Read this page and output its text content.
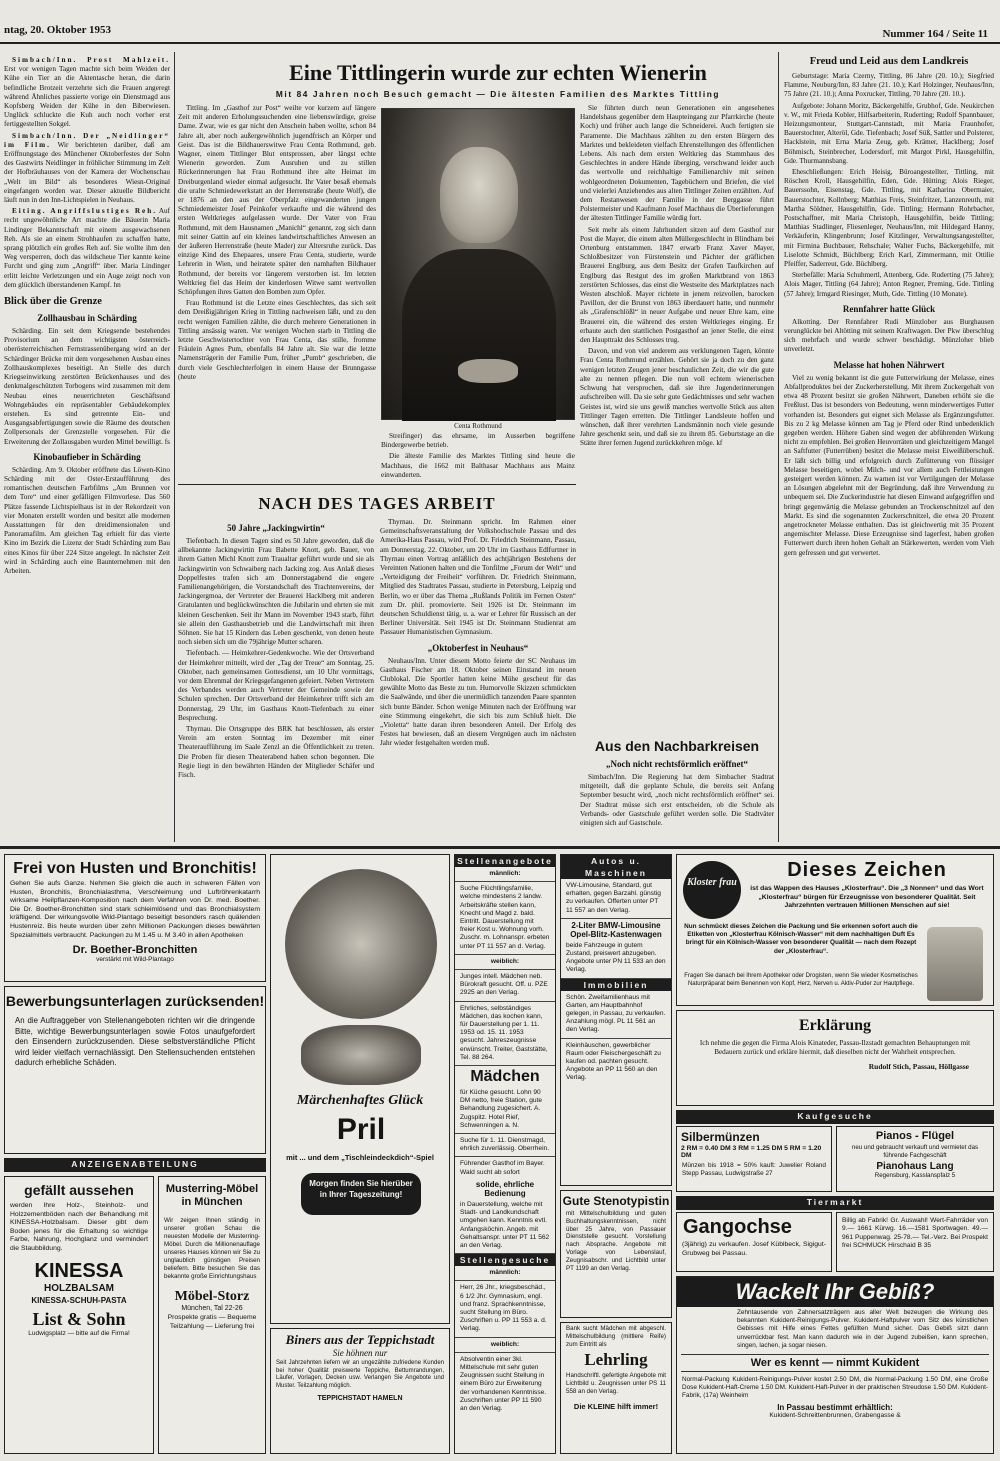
ntag, 20. Oktober 1953	Nummer 164 / Seite 11

Simbach/Inn. Prost Mahlzeit. Erst vor wenigen Tagen machte sich beim Weiden der Kühe ein Tier an die Aktentasche heran, die darin befindliche Brotzeit verzehrte sich die Frauen angeregt während Ähnliches passierte vorige ein Dienstmagd aus Kopfsberg Weiden der Kühe in den Biberwiesen. Unglück schluckte die Kuh auch noch vorher erst fertiggestellten Sokgel.

Simbach/Inn. Der „Neidlinger“ im Film. Wir berichteten darüber, daß am Eröffnungstage des Münchener Oktoberfestes der Sohn des Gastwirts Neidlinger in fröhlicher Stimmung im Zelt der Hofbräuhauses von der Kamera der Wochenschau „Welt im Bild“ als besonderes Wiesn-Original eingefangen worden war. Dieser aktuelle Bildbericht läuft nun in den Inn-Lichtspielen in Neuhaus.

Eiting. Angriffslustiges Reh. Auf recht ungewöhnliche Art machte die Bäuerin Maria Lindinger Bekanntschaft mit einem ausgewachsenen Reh. Als sie an einem Strohhaufen zu schaffen hatte, sprang plötzlich ein großes Reh auf. Sie wollte ihm den Weg versperren, doch das wildscheue Tier kannte keine Furcht und ging zum „Angriff“ über. Maria Lindinger erlitt leichte Verletzungen und ein Auge zeigt noch von dem glücklich überstandenen Kampf. hn

Blick über die Grenze
Zollhausbau in Schärding

Schärding. Ein seit dem Kriegsende bestehendes Provisorium an dem wichtigsten österreich-oberösterreichischen Fernstrassenübergang wird an der Schärdinger Brücke mit dem vorgesehenen Ausbau eines Zollhauskomplexes beseitigt. An Stelle des durch Kriegseinwirkung zerstörten Brückenhauses und des denkmalgeschützten Torbogens wird zusammen mit dem Neubau eines neuerrichteten Geschäftsund Wohngebäudes ein repräsentabler Gebäudekomplex erstehen. Es sind getrennte Ein- und Ausgangsabfertigungen sowie die Räume des deutschen Zollpersonals der Grenzstelle vorgesehen. Für die Erweiterung der Zollausgaben wurden Mittel bewilligt. fs

Kinobaufieber in Schärding

Schärding. Am 9. Oktober eröffnete das Löwen-Kino Schärding mit der Oster-Erstaufführung des romantischen deutschen Farbfilms „Am Brunnen vor dem Tore“ und einer gefälligen Filmvorlese. Das 560 Plätze fassende Lichtspielhaus ist in der Rekordzeit von vier Monaten erstellt worden und besitzt alle modernen Ausstattungen für den dreidimensionalen und Panoramafilm. Am gleichen Tag erhielt für das vierte Kino im Bezirk die Lizenz der Stadt Schärding zum Bau eines Kinos für über 224 Sitze angelegt. In nächster Zeit wird in Schärding auch eine Baunternehmen mit den Arbeiten.

Eine Tittlingerin wurde zur echten Wienerin
Mit 84 Jahren noch Besuch gemacht — Die ältesten Familien des Marktes Tittling

Tittling. Im „Gasthof zur Post“ weilte vor kurzem auf längere Zeit mit anderen Erholungssuchenden eine liebenswürdige, greise Dame. Zwar, wie es gar nicht den Anschein haben wollte, schon 84 Jahre alt, aber noch außergewöhnlich jugendfrisch an Körper und Geist. Das ist die Bildhauerswitwe Frau Centa Rothmund, geb. Wagner, einem Tittlinger Blut entsprossen, aber längst echte Wienerin geworden. Zum Ausruhen und zu stillen Rückerinnerungen hat Frau Rothmund ihre alte Heimat im Dreiburgenland wieder einmal aufgesucht. Ihr Vater besaß ehemals die uralte Schmiedewerkstatt an der Herrenstraße (heute Wolf), die er 1876 an den aus der Oberpfalz eingewanderten jungen Schmiedemeister Josef Peinkofer verkaufte und die während des ersten Weltkrieges aufgelassen wurde. Der Vater von Frau Rothmund, mit dem Hausnamen „Manichl“ genannt, zog sich dann mit seiner Gattin auf ein kleines landwirtschaftliches Anwesen an der äußeren Herrenstraße (heute Mader) zur Altersruhe zurück. Das einzige Kind des Ehepaares, unsere Frau Centa, studierte, wurde Lehrerin in Wien, und heiratete später den namhaften Bildhauer Rothmund, der bereits vor längerem verstorben ist. Im letzten Weltkrieg fiel das Heim der kinderlosen Witwe samt wertvollen Schöpfungen ihres Gatten den Bomben zum Opfer.

Frau Rothmund ist die Letzte eines Geschlechtes, das sich seit dem Dreißigjährigen Krieg in Tittling nachweisen läßt, und zu den recht wenigen Familien zählte, die durch mehrere Generationen in Tittling ansässig waren. Vor wenigen Wochen starb in Tittling die letzte Geschwistertochter von Frau Centa, das stille, fromme Fräulein Agnes Pum, ebenfalls 84 Jahre alt. Sie war die letzte Namensträgerin der Familie Pum, früher „Pumb“ geschrieben, die durch viele Geschlechterfolgen in einem Hause der Brunngasse (heute

Centa Rothmund

Streifinger) das ehrsame, im Ausserben begriffene Bindergewerbe betrieb.

Die älteste Familie des Marktes Tittling sind heute die Machhaus, die 1662 mit Balthasar Machhaus aus Mainz einwanderten.

Sie führten durch neun Generationen ein angesehenes Handelshaus gegenüber dem Haupteingang zur Pfarrkirche (heute Koch) und früher auch lange die Schneiderei. Auch fertigten sie Paramente. Die Machhaus zählten zu den ersten Bürgern des Marktes und bekleideten vielfach Ehrenstellungen des öffentlichen Lebens. Als nach dem ersten Weltkrieg das Stammhaus des Geschlechtes in andere Hände überging, verschwand leider auch das wertvolle und reichhaltige Familienarchiv mit seinen wohlgeordneten Dokumenten, Tagebüchern und Briefen, die viel und vielerlei Anziehendes aus alten Tittlinger Zeiten erzählten. Auf dem Restanwesen der Familie in der Berggasse führt Polstermeister und Kaufmann Josef Machhaus die Überlieferungen der ältesten Tittlinger Familie würdig fort.

Seit mehr als einem Jahrhundert sitzen auf dem Gasthof zur Post die Mayer, die einem alten Müllergeschlecht in Blindham bei Ortenburg entstammen. 1847 erwarb Franz Xaver Mayer, Schloßbesitzer von Fürstenstein und Pächter der gräflichen Brauerei Englburg, aus dem Besitz der Grafen Taufkirchen auf Englburg das Restgut des im großen Marktbrand von 1863 zerstörten Schlosses, das einst die Westseite des Marktplatzes nach Westen abschloß. Mayer richtete in jenem reizvollen, barocken Pavillon, der die Brunst von 1863 überdauert hatte, und nunmehr als „Grafenschlößl“ in neuer Aufgabe und neuer Ehre kam, eine Brauerei ein, die während des ersten Weltkrieges einging. Er erbaute auch den stattlichen Postgasthof an jener Stelle, die einst den Haupttrakt des Schlosses trug.

Davon, und von viel anderem aus verklungenen Tagen, könnte Frau Centa Rothmund erzählen. Gehört sie ja doch zu den ganz wenigen letzten Zeugen jener beschaulichen Zeit, die wir die gute alte zu nennen pflegen. Die nun voll echtem wienerischen Schwung hat versprochen, daß sie ihre Jugenderinnerungen aufschreiben will. Da sie sehr gute Gedächtnisses und sehr wachen Geistes ist, wird sie uns gewiß manches wertvolle Stück aus alten Tittlinger Tagen erretten. Die Tittlinger Landsleute hoffen und wünschen, daß ihrer verehrten Landsmännin noch viele gesunde Jahre geschenkt sein, und daß sie zu ihrem 85. Geburtstage an die Stätte ihrer fernen Jugend zurückkehren möge. kf

NACH DES TAGES ARBEIT
50 Jahre „Jackingwirtin“

Tiefenbach. In diesen Tagen sind es 50 Jahre geworden, daß die allbekannte Jackingwirtin Frau Babette Knott, geb. Bauer, von ihrem Gatten Michl Knott zum Traualtar geführt wurde und sie als Jackingwirtin von Schwaiberg nach Jacking zog. Aus Anlaß dieses Doppelfestes trafen sich am Donnerstagabend die engere Familienangehörigen, die Vorstandschaft des Trachtenvereins, der Jackingergmoa, der Vertreter der Brauerei Hacklberg mit anderen Gratulanten und beglückwünschten die Jubilarin und ehrten sie mit kleinen Geschenken. Seit ihr Mann im November 1943 starb, führt sie allein den Gasthausbetrieb und die Landwirtschaft mit ihren Söhnen. Sie hat 15 Kindern das Leben geschenkt, von denen heute noch sieben sich um die 79jährige Mutter scharen.

Tiefenbach. — Heimkehrer-Gedenkwoche. Wie der Ortsverband der Heimkehrer mitteilt, wird der „Tag der Treue“ am Sonntag, 25. Oktober, nach gemeinsamen Gottesdienst, um 10 Uhr vormittags, vor dem Ehrenmal der Kriegsgefangenen gefeiert. Neben Vertretern des Verbandes werden auch Vertreter der Gemeinde sowie der Schulen sprechen. Der Ortsverband der Heimkehrer trifft sich am Donnerstag, 29 Uhr, im Gasthaus Knott-Tiefenbach zu einer Besprechung.

Thyrnau. Die Ortsgruppe des BRK hat beschlossen, als erster Verein am ersten Sonntag im Dezember mit einer Theateraufführung im Saale Zenzl an die Öffentlichkeit zu treten. Die Proben für diesen Theaterabend haben schon begonnen. Die Regie liegt in den bewährten Händen der Mitglieder Schäfer und Fisch.

Thyrnau. Dr. Steinmann spricht. Im Rahmen einer Gemeinschaftsveranstaltung der Volkshochschule Passau und des Amerika-Haus Passau, wird Prof. Dr. Friedrich Steinmann, Passau, am Donnerstag, 22. Oktober, um 20 Uhr im Gasthaus Edlfurtner in Thyrnau einen Vortrag anläßlich des achtjährigen Bestehens der Vereinten Nationen halten und die Tonfilme „Forum der Welt“ und „Verteidigung der Freiheit“ vorführen. Dr. Friedrich Steinmann, Mitglied des Stadtrates Passau, studierte in Petersburg, Leipzig und Berlin, wo er über das Thema „Rußlands Politik im Fernen Osten“ zum Dr. phil. promovierte. Seit 1926 ist Dr. Steinmann im deutschen Schuldienst tätig, u. a. war er Lehrer für Russisch an der Berliner Universität. Seit 1945 ist Dr. Steinmann Studienrat am Passauer Humanistischen Gymnasium.

„Oktoberfest in Neuhaus“

Neuhaus/Inn. Unter diesem Motto feierte der SC Neuhaus im Gasthaus Fischer am 18. Oktober seinen Einstand im neuen Clublokal. Die Sportler hatten keine Mühe gescheut für das gewählte Motto das Beste zu tun. Humorvolle Skizzen schmückten die Saalwände, und über die unermüdlich tanzenden Paare spannten sich bunte Bänder. Schon wenige Minuten nach der Eröffnung war eine Stimmung eingekehrt, die sich bis zum Schluß hielt. Die „Violetta“ hatte daran ihren besonderen Anteil. Der Erfolg des Festes hat bewiesen, daß an diesem Vergnügen auch im nächsten Jahr wieder festgehalten werden muß.	Aus den Nachbarkreisen
„Noch nicht rechtsförmlich eröffnet“

Simbach/Inn. Die Regierung hat dem Simbacher Stadtrat mitgeteilt, daß die geplante Schule, die bereits seit Anfang September besucht wird, „noch nicht rechtsförmlich eröffnet“ sei. Der Stadtrat müsse sich erst entscheiden, ob die Schule als Verbands- oder Gastschule geführt werden solle. Die Stadtväter einigten sich auf Gastschule.

Freud und Leid aus dem Landkreis

Geburtstage: Maria Czerny, Tittling, 86 Jahre (20. 10.); Siegfried Flamme, Neuburg/Inn, 83 Jahre (21. 10.); Karl Holzinger, Neuhaus/Inn, 75 Jahre (21. 10.); Anna Poxrucker, Tittling, 70 Jahre (20. 10.).

Aufgebote: Johann Moritz, Bäckergehilfe, Grubhof, Gde. Neukirchen v. W., mit Frieda Kobler, Hilfsarbeiterin, Ruderting; Rudolf Spannbauer, Heizungsmonteur, Stuttgart-Cannstadt, mit Maria Fraunhofer, Bauerstochter, Alteröl, Gde. Tiefenbach; Josef Süß, Sattler und Polsterer, Hacklstein, mit Erna Maria Zeug, geb. Krämer, Hacklberg; Josef Böhmisch, Steinbrecher, Lodersdorf, mit Margot Pirkl, Hausgehilfin, Gde. Thurmannsbang.

Eheschließungen: Erich Heisig, Büroangestellter, Tittling, mit Röschen Kroll, Hausgehilfin, Eden, Gde. Hütting; Alois Rieger, Bauerssohn, Eisenstag, Gde. Tittling, mit Katharina Obermaier, Bauerstochter, Kollnberg; Matthias Freis, Steinfritzer, Lanzenreuth, mit Martha Söldner, Hausgehilfin, Gde. Tittling; Hermann Rohrbacher, Postschaffner, mit Maria Christoph, Hausgehilfin, beide Tittling; Matthias Stadlinger, Fliesenleger, Neuhaus/Inn, mit Hildegard Hanny, Verkäuferin, Klingenbrunn; Josef Kitzlinger, Verwaltungsangestellter, mit Firmina Buchbauer, Rehschale; Walter Fuchs, Bäckergehilfe, mit Liselotte Schmidt, Büchlberg; Erich Karl, Zimmermann, mit Ottilie Pfeiffer, Saderreut, Gde. Büchlberg.

Sterbefälle: Maria Schuhmertl, Attenberg, Gde. Ruderting (75 Jahre); Alois Mager, Tittling (64 Jahre); Anton Regner, Preming, Gde. Tittling (57 Jahre); Irmgard Riesinger, Muth, Gde. Tittling (10 Monate).

Rennfahrer hatte Glück

Alkotting. Der Rennfahrer Rudi Münzlober aus Burghausen verunglückte bei Altötting mit seinem Kraftwagen. Der Pkw überschlug sich mehrfach und wurde schwer beschädigt. Münzloher blieb unverletzt.

Melasse hat hohen Nährwert

Viel zu wenig bekannt ist die gute Futterwirkung der Melasse, eines Abfallproduktes bei der Zuckerherstellung. Mit ihrem Zuckergehalt von etwa 48 Prozent besitzt sie großen Nährwert, Daneben erhöht sie die Freßlust. Das ist besonders von Bedeutung, wenn minderwertiges Futter vorhanden ist. Besonders gut eignet sich Melasse als Ergänzungsfutter. Bis zu 2 kg Melasse können am Tag je Pferd oder Rind unbedenklich gegeben werden. Höhere Gaben sind wegen der abführenden Wirkung nicht zu empfehlen. Bei großen Heuvorräten und gleichzeitigem Mangel an Saftfutter (Futterrüben) besitzt die Melasse meist Eiweißüberschuß. Er läßt sich billig und erfolgreich durch Zufütterung von flüssiger Melasse beseitigen, wobei Milch- und vor allem auch Fettleistungen gesteigert werden können. Zu warnen ist vor Vertilgungen der Melasse an Lösungen abgelehnt mit der Begründung, daß ihre Verwendung zu unbequem sei. Die Zuckerindustrie hat diesen Einwand aufgegriffen und bringt gegenwärtig die Melasse gebunden an Trockenschnitzel auf den Markt. Es sind die sogenannten Zuckerschnitzel, die etwa 20 Prozent angetrockneter Melasse enthalten. Das ist gleichwertig mit 35 Prozent angemischter Melasse. Diese Erzeugnisse sind lagerfest, haben großen Futterwert durch ihren hohen Gehalt an Stärkewerten, werden vom Vieh gern gefressen und gut verwertet.

Frei von Husten und Bronchitis!
Gehen Sie aufs Ganze. Nehmen Sie gleich die auch in schweren Fällen von Husten, Bronchitis, Bronchialasthma, Verschleimung und Luftröhrenkatarrh wirksame Heilpflanzen-Komposition nach dem Verfahren von Dr. med. Boether. Die Dr. Boether-Bronchitten sind stark schleimlösend und das Bronchialsystem kräftigend. Der wirkungsvolle Wild-Plantago beseitigt besonders rasch quälenden Hustenreiz. Bis heute wurden über zehn Millionen Packungen dieses bewährten Spezialmittels verbraucht. Packungen zu M 1.45 u. M 3.40 in allen Apotheken
Dr. Boether-Bronchitten
verstärkt mit Wild-Plantago
Bewerbungsunterlagen zurücksenden!
An die Auftraggeber von Stellenangeboten richten wir die dringende Bitte, wichtige Bewerbungsunterlagen sowie Fotos unaufgefordert den Einsendern zurückzusenden. Diese selbstverständliche Pflicht wird leider vielfach vernachlässigt. Den Stellensuchenden entstehen dadurch erhebliche Schäden.
ANZEIGENABTEILUNG
gefällt aussehen
werden Ihre Holz-, Steinholz- und Holzzementböden nach der Behandlung mit KINESSA-Holzbalsam. Dieser gibt dem Boden jenes für die Erhaltung so wichtige Farbe, Nahrung, Hochglanz und vermindert die Staubbildung.
KINESSA
HOLZBALSAM
KINESSA-SCHUH-PASTA
List & Sohn
Ludwigsplatz — bitte auf die Firma!
Musterring-Möbel in München
Wir zeigen Ihnen ständig in unserer großen Schau die neuesten Modelle der Musterring-Möbel. Durch die Millionenauflage unseres Hauses können wir Sie zu unglaublich günstigen Preisen beliefern. Bitte besuchen Sie das bekannte große Einrichtungshaus
Möbel-Storz
München, Tal 22-26
Prospekte gratis — Bequeme Teilzahlung — Lieferung frei
Märchenhaftes Glück
Pril
mit ... und dem „Tischleindeckdich“-Spiel
Morgen finden Sie hierüber in Ihrer Tageszeitung!
Biners aus der Teppichstadt
Sie höhnen nur
Seit Jahrzehnten liefern wir an ungezählte zufriedene Kunden bei hoher Qualität preiswerte Teppiche, Bettumrandungen, Läufer, Vorlagen, Decken usw. Verlangen Sie Angebote und Muster. Teilzahlung möglich.
TEPPICHSTADT HAMELN
Stellenangebote
männlich:
Suche Flüchtlingsfamilie, welche mindestens 2 landw. Arbeitskräfte stellen kann, Knecht und Magd z. bald. Eintritt. Dauerstellung mit freier Kost u. Wohnung vorh. Zuschr. m. Lohnanspr. erbeten unter PT 11 557 an d. Verlag.
weiblich:
Junges intell. Mädchen neb. Bürokraft gesucht. Off. u. PZE 2925 an den Verlag.
Ehrliches, selbständiges Mädchen, das kochen kann, für Dauerstellung per 1. 11. 1953 od. 15. 11. 1953 gesucht. Jahreszeugnisse erwünscht. Treiter, Gaststätte, Tel. 88 264.
Mädchen
für Küche gesucht. Lohn 90 DM netto, freie Station, gute Behandlung zugesichert. A. Zugspitz. Hotel Rief, Schwenningen a. N.
Suche für 1. 11. Dienstmagd, ehrlich zuverlässig. Oberrhein.
Führender Gasthof im Bayer. Wald sucht ab sofort
solide, ehrliche Bedienung
in Dauerstellung, welche mit Stadt- und Landkundschaft umgehen kann. Kenntnis evtl. Anfangsköchin. Angeb. mit Gehaltsanspr. unter PT 11 562 an den Verlag.
Stellengesuche
männlich:
Herr, 26 Jhr., kriegsbeschäd., 6 1/2 Jhr. Gymnasium, engl. und franz. Sprachkenntnisse, sucht Stellung im Büro. Zuschriften u. PP 11 553 a. d. Verlag.
weiblich:
Absolventin einer 3kl. Mittelschule mit sehr guten Zeugnissen sucht Stellung in einem Büro zur Erweiterung der vorhandenen Kenntnisse. Zuschriften unter PP 11 590 an den Verlag.
Gute Stenotypistin
mit Mittelschulbildung und guten Buchhaltungskenntnissen, nicht über 25 Jahre, von Passauer Dienststelle gesucht. Vorstellung nach Absprache. Angebote mit Vorlage von Lebenslauf, Zeugnisabschr. und Lichtbild unter PT 1199 an den Verlag.
Bank sucht Mädchen mit abgeschl. Mittelschulbildung (mittlere Reife) zum Eintritt als
Lehrling
Handschriftl. gefertigte Angebote mit Lichtbild u. Zeugnissen unter PS 11 558 an den Verlag.
Die KLEINE hilft immer!
Autos u. Maschinen
VW-Limousine, Standard, gut erhalten, gegen Barzahl. günstig zu verkaufen. Offerten unter PT 11 557 an den Verlag.
2-Liter BMW-Limousine
Opel-Blitz-Kastenwagen
beide Fahrzeuge in gutem Zustand, preiswert abzugeben. Angebote unter PN 11 533 an den Verlag.
Immobilien
Schön. Zweifamilienhaus mit Garten, am Hauptbahnhof gelegen, in Passau, zu verkaufen. Anzahlung mögl. PL 11 561 an den Verlag.
Kleinhäuschen, gewerblicher Raum oder Fleischergeschäft zu kaufen od. pachten gesucht. Angebote an PP 11 560 an den Verlag.
Kloster frau
Dieses Zeichen
ist das Wappen des Hauses „Klosterfrau“. Die „3 Nonnen“ und das Wort „Klosterfrau“ bürgen für Erzeugnisse von besonderer Qualität. Seit Jahrzehnten vertrauen Millionen Menschen auf sie!
Nun schmückt dieses Zeichen die Packung und Sie erkennen sofort auch die Etiketten von „Klosterfrau Kölnisch-Wasser“ mit dem nachhaltigen Duft Es bringt für ein Kölnisch-Wasser von besonderer Qualität — nach dem Rezept der „Klosterfrau“.
Fragen Sie danach bei Ihrem Apotheker oder Drogisten, wenn Sie wieder Kosmetisches Naturpräparat beim Benennen von Kopf, Herz, Nerven u. Aktiv-Puder zur Hautpflege.
Erklärung
Ich nehme die gegen die Firma Alois Kinateder, Passau-Ilzstadt gemachten Behauptungen mit Bedauern zurück und erkläre hiermit, daß dieselben nicht der Wahrheit entsprechen.
Rudolf Stich, Passau, Höllgasse
Kaufgesuche
Silbermünzen
2 RM = 0.40 DM 3 RM = 1.25 DM 5 RM = 1.20 DM
Münzen bis 1918 = 50% kauft: Juwelier Roland Stepp Passau, Ludwigstraße 27
Pianos - Flügel
neu und gebraucht verkauft und vermietet das führende Fachgeschäft
Pianohaus Lang
Regensburg, Kasslanspfalz 5
Tiermarkt
Gangochse
(3jährig) zu verkaufen. Josef Küblbeck, Sigigut-Grubweg bei Passau.
Billig ab Fabrik! Gr. Auswahl! Wert-Fahrräder von 9.— 1661 Kürwg. 16.—1581 Sportwagen. 49.—961 Puppenwag. 25-78.— Tel.-Verz. Bei Prospekt frei SCHMUCK Hirschaid B 35
Wackelt Ihr Gebiß?
Zehntausende von Zahnersatzträgern aus aller Welt bezeugen die Wirkung des bekannten Kukident-Reinigungs-Pulver. Kukident-Haftpulver vom Sitz des künstlichen Gebisses mit Hilfe eines Fettes gefüllten Mund sicher. Das Gebiß sitzt dann unverrückbar fest. Man kann dadurch wie in der Jugend zubeißen, kann sprechen, singen, lachen, ja sogar niesen.
Wer es kennt — nimmt Kukident
Normal-Packung Kukident-Reinigungs-Pulver kostet 2.50 DM, die Normal-Packung 1.50 DM, eine Große Dose Kukident-Haft-Creme 1.50 DM. Kukident-Haft-Pulver in der praktischen Streudose 1.50 DM. Kukident-Fabrik, (17a) Weinheim
In Passau bestimmt erhältlich:
Kukident-Schreittenbrunnen, Grabengasse &
